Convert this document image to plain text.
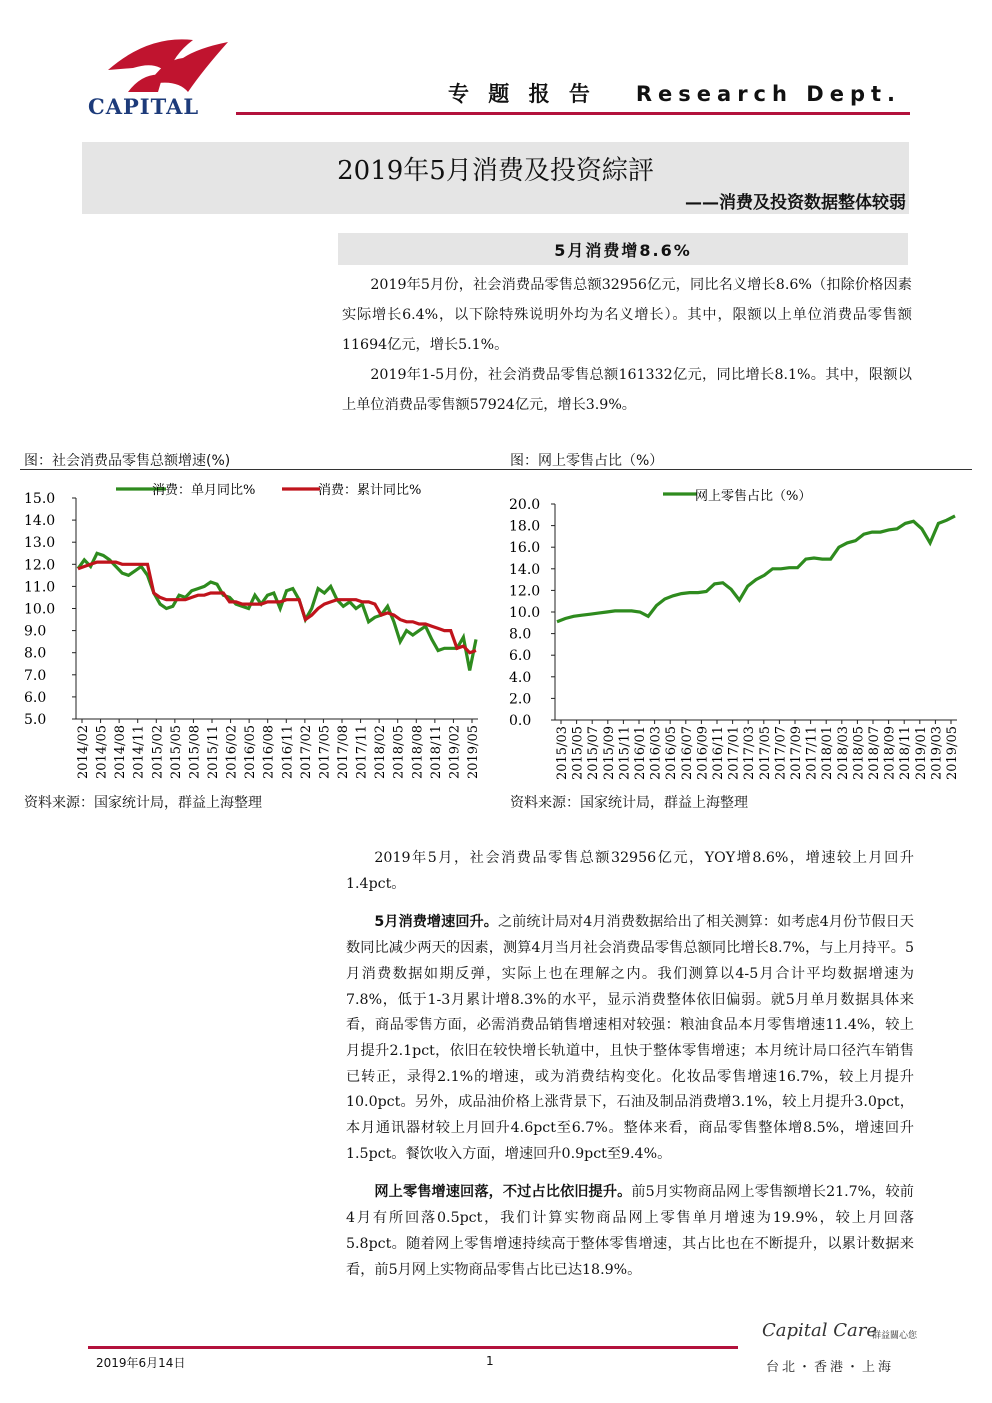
CAPITAL	专 题 报 告 Research Dept.
2019年5月消费及投资綜評
——消费及投资数据整体较弱
5月消费增8.6%

2019年5月份，社会消费品零售总额32956亿元，同比名义增长8.6%（扣除价格因素实际增长6.4%，以下除特殊说明外均为名义增长）。其中，限额以上单位消费品零售额11694亿元，增长5.1%。

2019年1-5月份，社会消费品零售总额161332亿元，同比增长8.1%。其中，限额以上单位消费品零售额57924亿元，增长3.9%。

图：社会消费品零售总额增速(%)	图：网上零售占比（%）
15.0
14.0
13.0
12.0
11.0
10.0
9.0
8.0
7.0
6.0
5.0
2014/02 2014/05 2014/08 2014/11 2015/02 2015/05 2015/08 2015/11 2016/02 2016/05 2016/08 2016/11 2017/02 2017/05 2017/08 2017/11 2018/02 2018/05 2018/08 2018/11 2019/02 2019/05
消费：单月同比%	消费：累计同比%
20.0
18.0
16.0
14.0
12.0
10.0
8.0
6.0
4.0
2.0
0.0
2015/03 2015/05 2015/07 2015/09 2015/11 2016/01 2016/03 2016/05 2016/07 2016/09 2016/11 2017/01 2017/03 2017/05 2017/07 2017/09 2017/11 2018/01 2018/03 2018/05 2018/07 2018/09 2018/11 2019/01 2019/03 2019/05
网上零售占比（%）
资料来源：国家统计局，群益上海整理	资料来源：国家统计局，群益上海整理

2019年5月，社会消费品零售总额32956亿元，YOY增8.6%，增速较上月回升1.4pct。

5月消费增速回升。之前统计局对4月消费数据给出了相关测算：如考虑4月份节假日天数同比减少两天的因素，测算4月当月社会消费品零售总额同比增长8.7%，与上月持平。5月消费数据如期反弹，实际上也在理解之内。我们测算以4-5月合计平均数据增速为7.8%，低于1-3月累计增8.3%的水平，显示消费整体依旧偏弱。就5月单月数据具体来看，商品零售方面，必需消费品销售增速相对较强：粮油食品本月零售增速11.4%，较上月提升2.1pct，依旧在较快增长轨道中，且快于整体零售增速；本月统计局口径汽车销售已转正，录得2.1%的增速，或为消费结构变化。化妆品零售增速16.7%，较上月提升10.0pct。另外，成品油价格上涨背景下，石油及制品消费增3.1%，较上月提升3.0pct，本月通讯器材较上月回升4.6pct至6.7%。整体来看，商品零售整体增8.5%，增速回升1.5pct。餐饮收入方面，增速回升0.9pct至9.4%。

网上零售增速回落，不过占比依旧提升。前5月实物商品网上零售额增长21.7%，较前4月有所回落0.5pct，我们计算实物商品网上零售单月增速为19.9%，较上月回落5.8pct。随着网上零售增速持续高于整体零售增速，其占比也在不断提升，以累计数据来看，前5月网上实物商品零售占比已达18.9%。

2019年6月14日	1
Capital Care
群益關心您
台北・香港・上海
